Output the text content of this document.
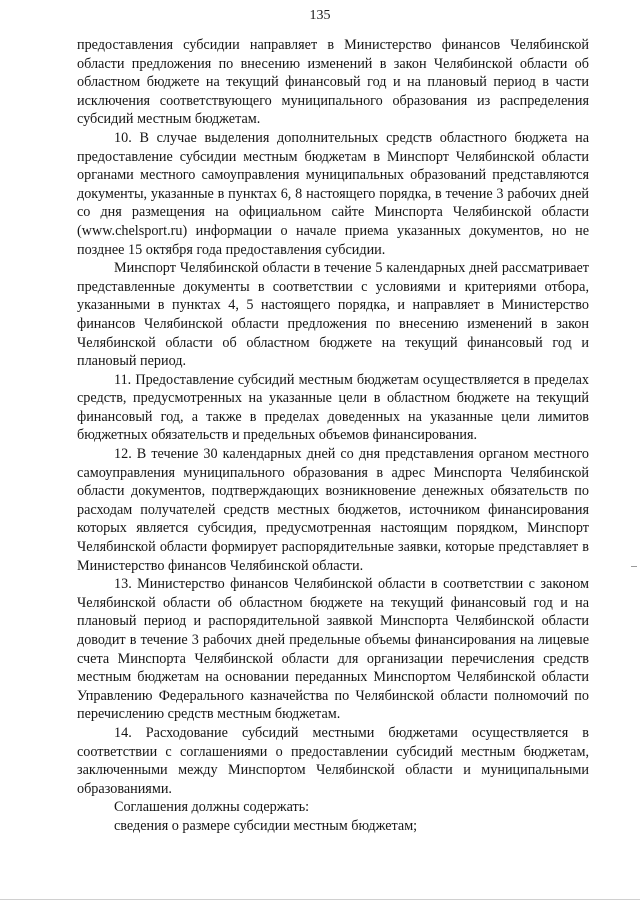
135

предоставления субсидии направляет в Министерство финансов Челябинской области предложения по внесению изменений в закон Челябинской области об областном бюджете на текущий финансовый год и на плановый период в части исключения соответствующего муниципального образования из распределения субсидий местным бюджетам.

10. В случае выделения дополнительных средств областного бюджета на предоставление субсидии местным бюджетам в Минспорт Челябинской области органами местного самоуправления муниципальных образований представляются документы, указанные в пунктах 6, 8 настоящего порядка, в течение 3 рабочих дней со дня размещения на официальном сайте Минспорта Челябинской области (www.chelsport.ru) информации о начале приема указанных документов, но не позднее 15 октября года предоставления субсидии.

Минспорт Челябинской области в течение 5 календарных дней рассматривает представленные документы в соответствии с условиями и критериями отбора, указанными в пунктах 4, 5 настоящего порядка, и направляет в Министерство финансов Челябинской области предложения по внесению изменений в закон Челябинской области об областном бюджете на текущий финансовый год и плановый период.

11. Предоставление субсидий местным бюджетам осуществляется в пределах средств, предусмотренных на указанные цели в областном бюджете на текущий финансовый год, а также в пределах доведенных на указанные цели лимитов бюджетных обязательств и предельных объемов финансирования.

12. В течение 30 календарных дней со дня представления органом местного самоуправления муниципального образования в адрес Минспорта Челябинской области документов, подтверждающих возникновение денежных обязательств по расходам получателей средств местных бюджетов, источником финансирования которых является субсидия, предусмотренная настоящим порядком, Минспорт Челябинской области формирует распорядительные заявки, которые представляет в Министерство финансов Челябинской области.

13. Министерство финансов Челябинской области в соответствии с законом Челябинской области об областном бюджете на текущий финансовый год и на плановый период и распорядительной заявкой Минспорта Челябинской области доводит в течение 3 рабочих дней предельные объемы финансирования на лицевые счета Минспорта Челябинской области для организации перечисления средств местным бюджетам на основании переданных Минспортом Челябинской области Управлению Федерального казначейства по Челябинской области полномочий по перечислению средств местным бюджетам.

14. Расходование субсидий местными бюджетами осуществляется в соответствии с соглашениями о предоставлении субсидий местным бюджетам, заключенными между Минспортом Челябинской области и муниципальными образованиями.

Соглашения должны содержать:

сведения о размере субсидии местным бюджетам;
